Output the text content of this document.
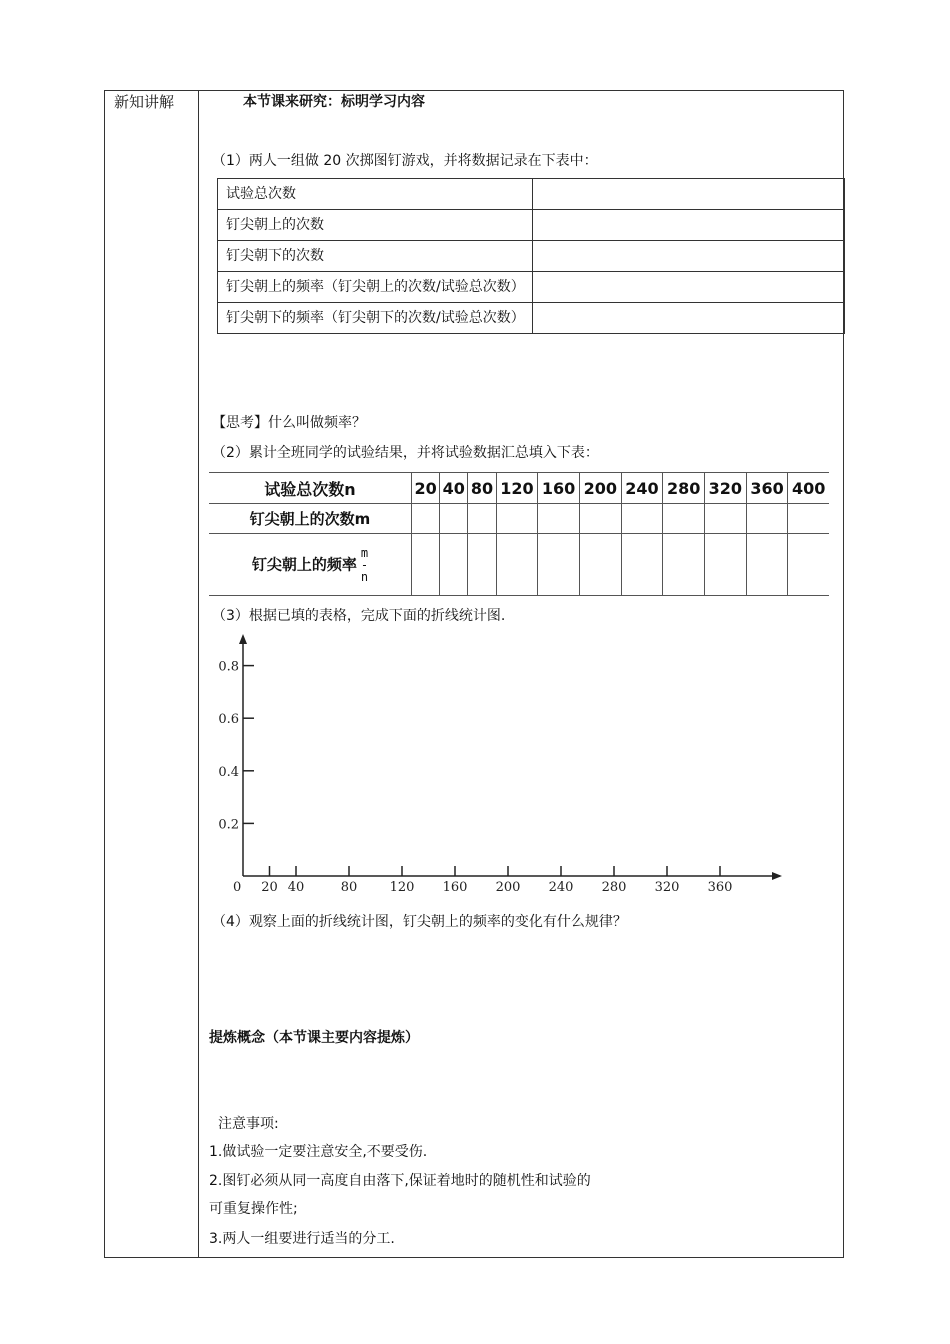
新知讲解	本节课来研究：标明学习内容
（1）两人一组做 20 次掷图钉游戏，并将数据记录在下表中：
试验总次数	
钉尖朝上的次数	
钉尖朝下的次数	
钉尖朝上的频率（钉尖朝上的次数/试验总次数）	
钉尖朝下的频率（钉尖朝下的次数/试验总次数）	
【思考】什么叫做频率？
（2）累计全班同学的试验结果，并将试验数据汇总填入下表：
试验总次数n	20	40	80	120	160	200	240	280	320	360	400
钉尖朝上的次数m											
钉尖朝上的频率
m
-
n											

（3）根据已填的表格，完成下面的折线统计图.
0 20 40	80 120 160 200 240 280 320 360
0.2
0.4
0.6
0.8
（4）观察上面的折线统计图，钉尖朝上的频率的变化有什么规律？
提炼概念（本节课主要内容提炼）
注意事项:
1.做试验一定要注意安全,不要受伤.
2.图钉必须从同一高度自由落下,保证着地时的随机性和试验的
可重复操作性;
3.两人一组要进行适当的分工.
